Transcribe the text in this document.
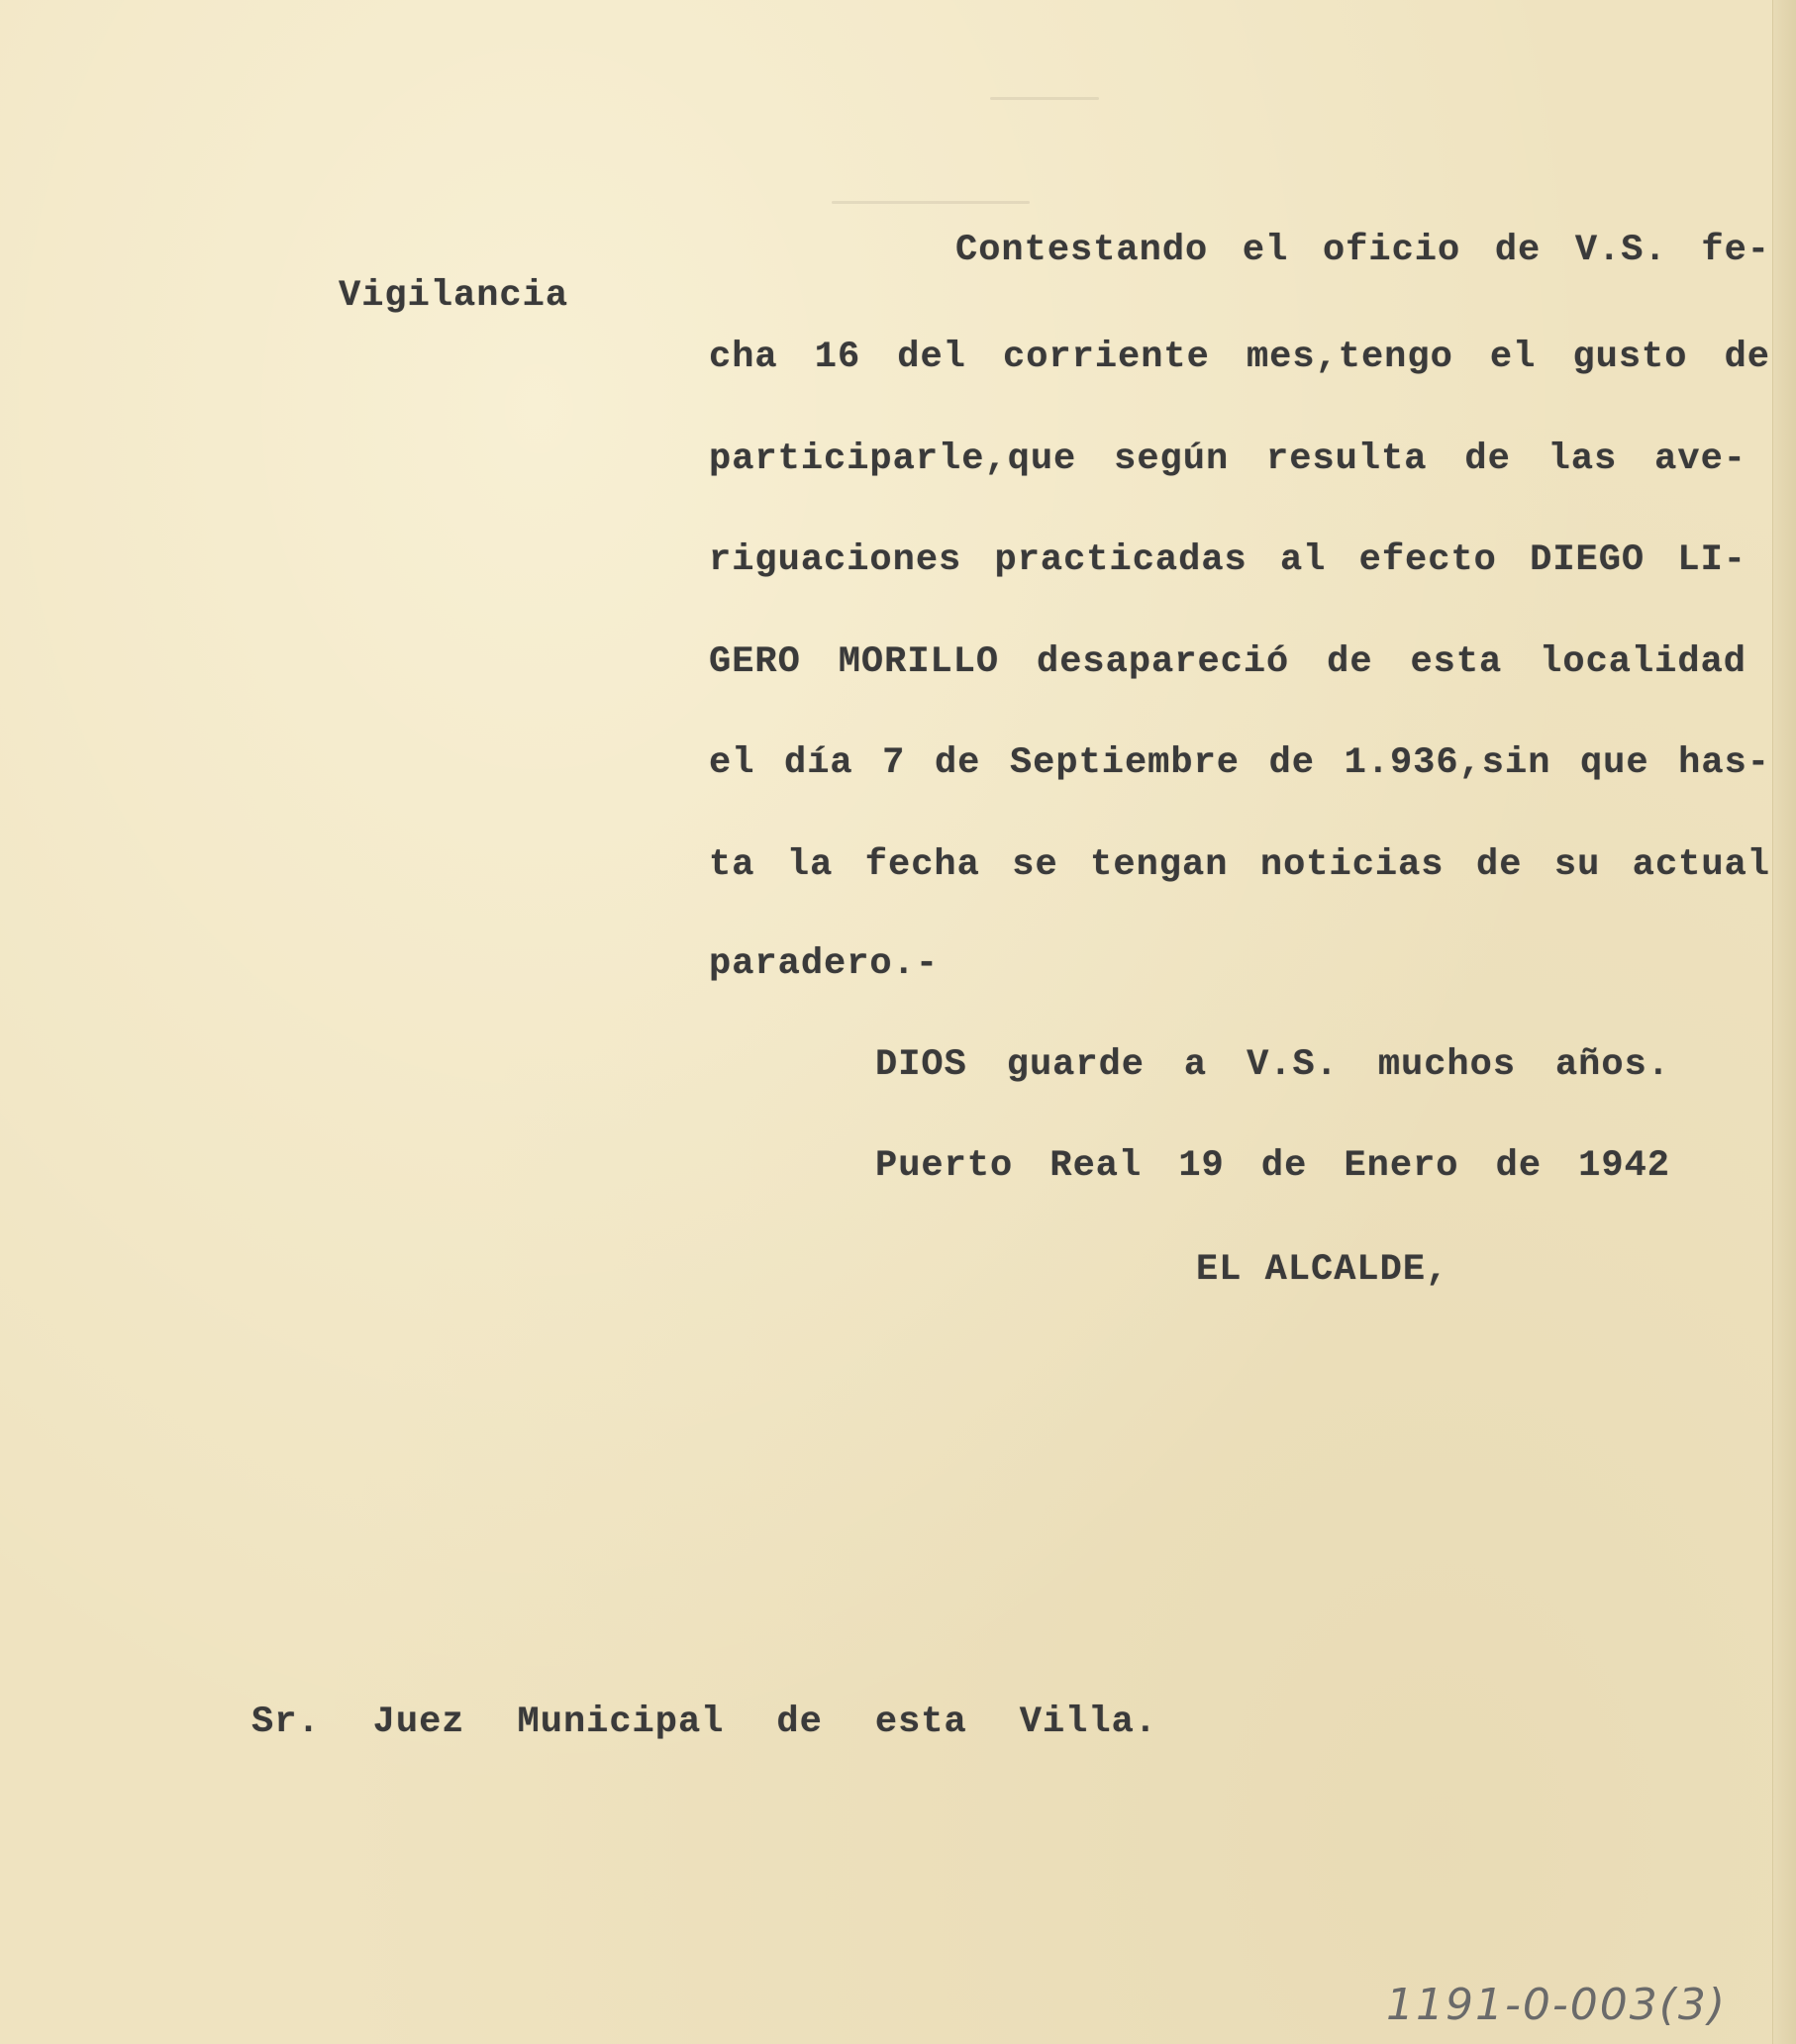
Vigilancia
Contestando el oficio de V.S. fe-
cha 16 del corriente mes,tengo el gusto de
participarle,que según resulta de las ave-
riguaciones practicadas al efecto DIEGO LI-
GERO MORILLO desapareció de esta localidad
el día 7 de Septiembre de 1.936,sin que has-
ta la fecha se tengan noticias de su actual
paradero.-
DIOS guarde a V.S. muchos años.
Puerto Real 19 de Enero de 1942
EL ALCALDE,
Sr. Juez Municipal de esta Villa.
1191-0-003(3)
